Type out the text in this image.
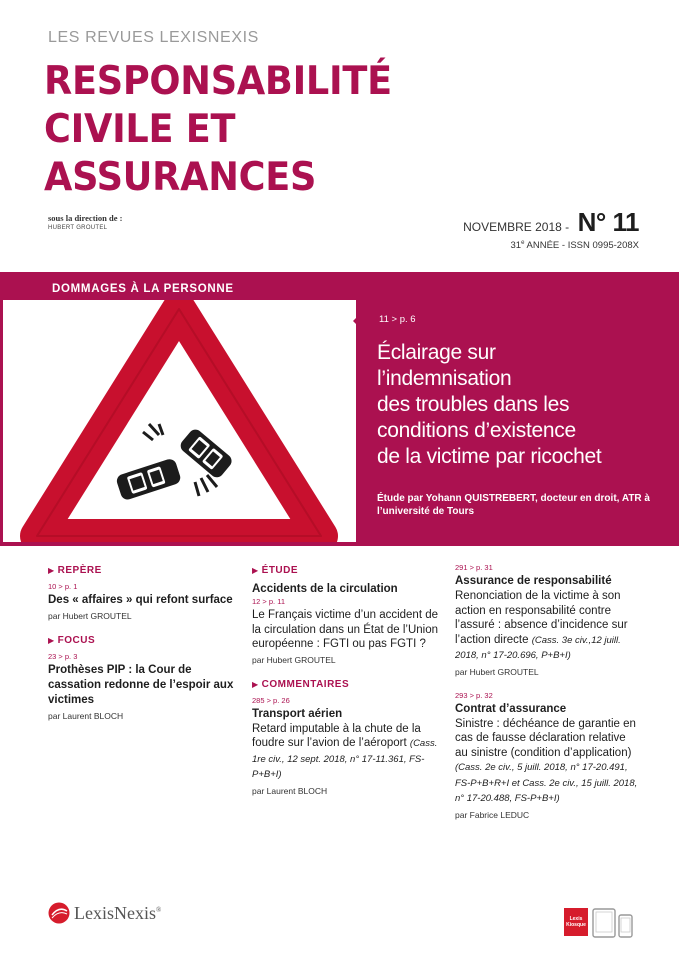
LES REVUES LEXISNEXIS
RESPONSABILITÉ
CIVILE ET
ASSURANCES
sous la direction de :
HUBERT GROUTEL	NOVEMBRE 2018 - N° 11
31e ANNÉE - ISSN 0995-208X
DOMMAGES À LA PERSONNE
11 > p. 6
Éclairage sur
l’indemnisation
des troubles dans les
conditions d’existence
de la victime par ricochet
Étude par Yohann QUISTREBERT, docteur en droit, ATR à l’université de Tours
▶ REPÈRE
10 > p. 1
Des « affaires » qui refont surface
par Hubert GROUTEL
▶ FOCUS
23 > p. 3
Prothèses PIP : la Cour de cassation redonne de l’espoir aux victimes
par Laurent BLOCH
▶ ÉTUDE
Accidents de la circulation
12 > p. 11
Le Français victime d’un accident de la circulation dans un État de l’Union européenne : FGTI ou pas FGTI ?
par Hubert GROUTEL
▶ COMMENTAIRES
285 > p. 26
Transport aérien
Retard imputable à la chute de la foudre sur l’avion de l’aéroport (Cass. 1re civ., 12 sept. 2018, n° 17-11.361, FS-P+B+I)
par Laurent BLOCH
291 > p. 31
Assurance de responsabilité
Renonciation de la victime à son action en responsabilité contre l’assuré : absence d’incidence sur l’action directe (Cass. 3e civ.,12 juill. 2018, n° 17-20.696, P+B+I)
par Hubert GROUTEL
293 > p. 32
Contrat d’assurance
Sinistre : déchéance de garantie en cas de fausse déclaration relative au sinistre (condition d’application) (Cass. 2e civ., 5 juill. 2018, n° 17-20.491, FS-P+B+R+I et Cass. 2e civ., 15 juill. 2018, n° 17-20.488, FS-P+B+I)
par Fabrice LEDUC
LexisNexis®
Lexis
Kiosque
